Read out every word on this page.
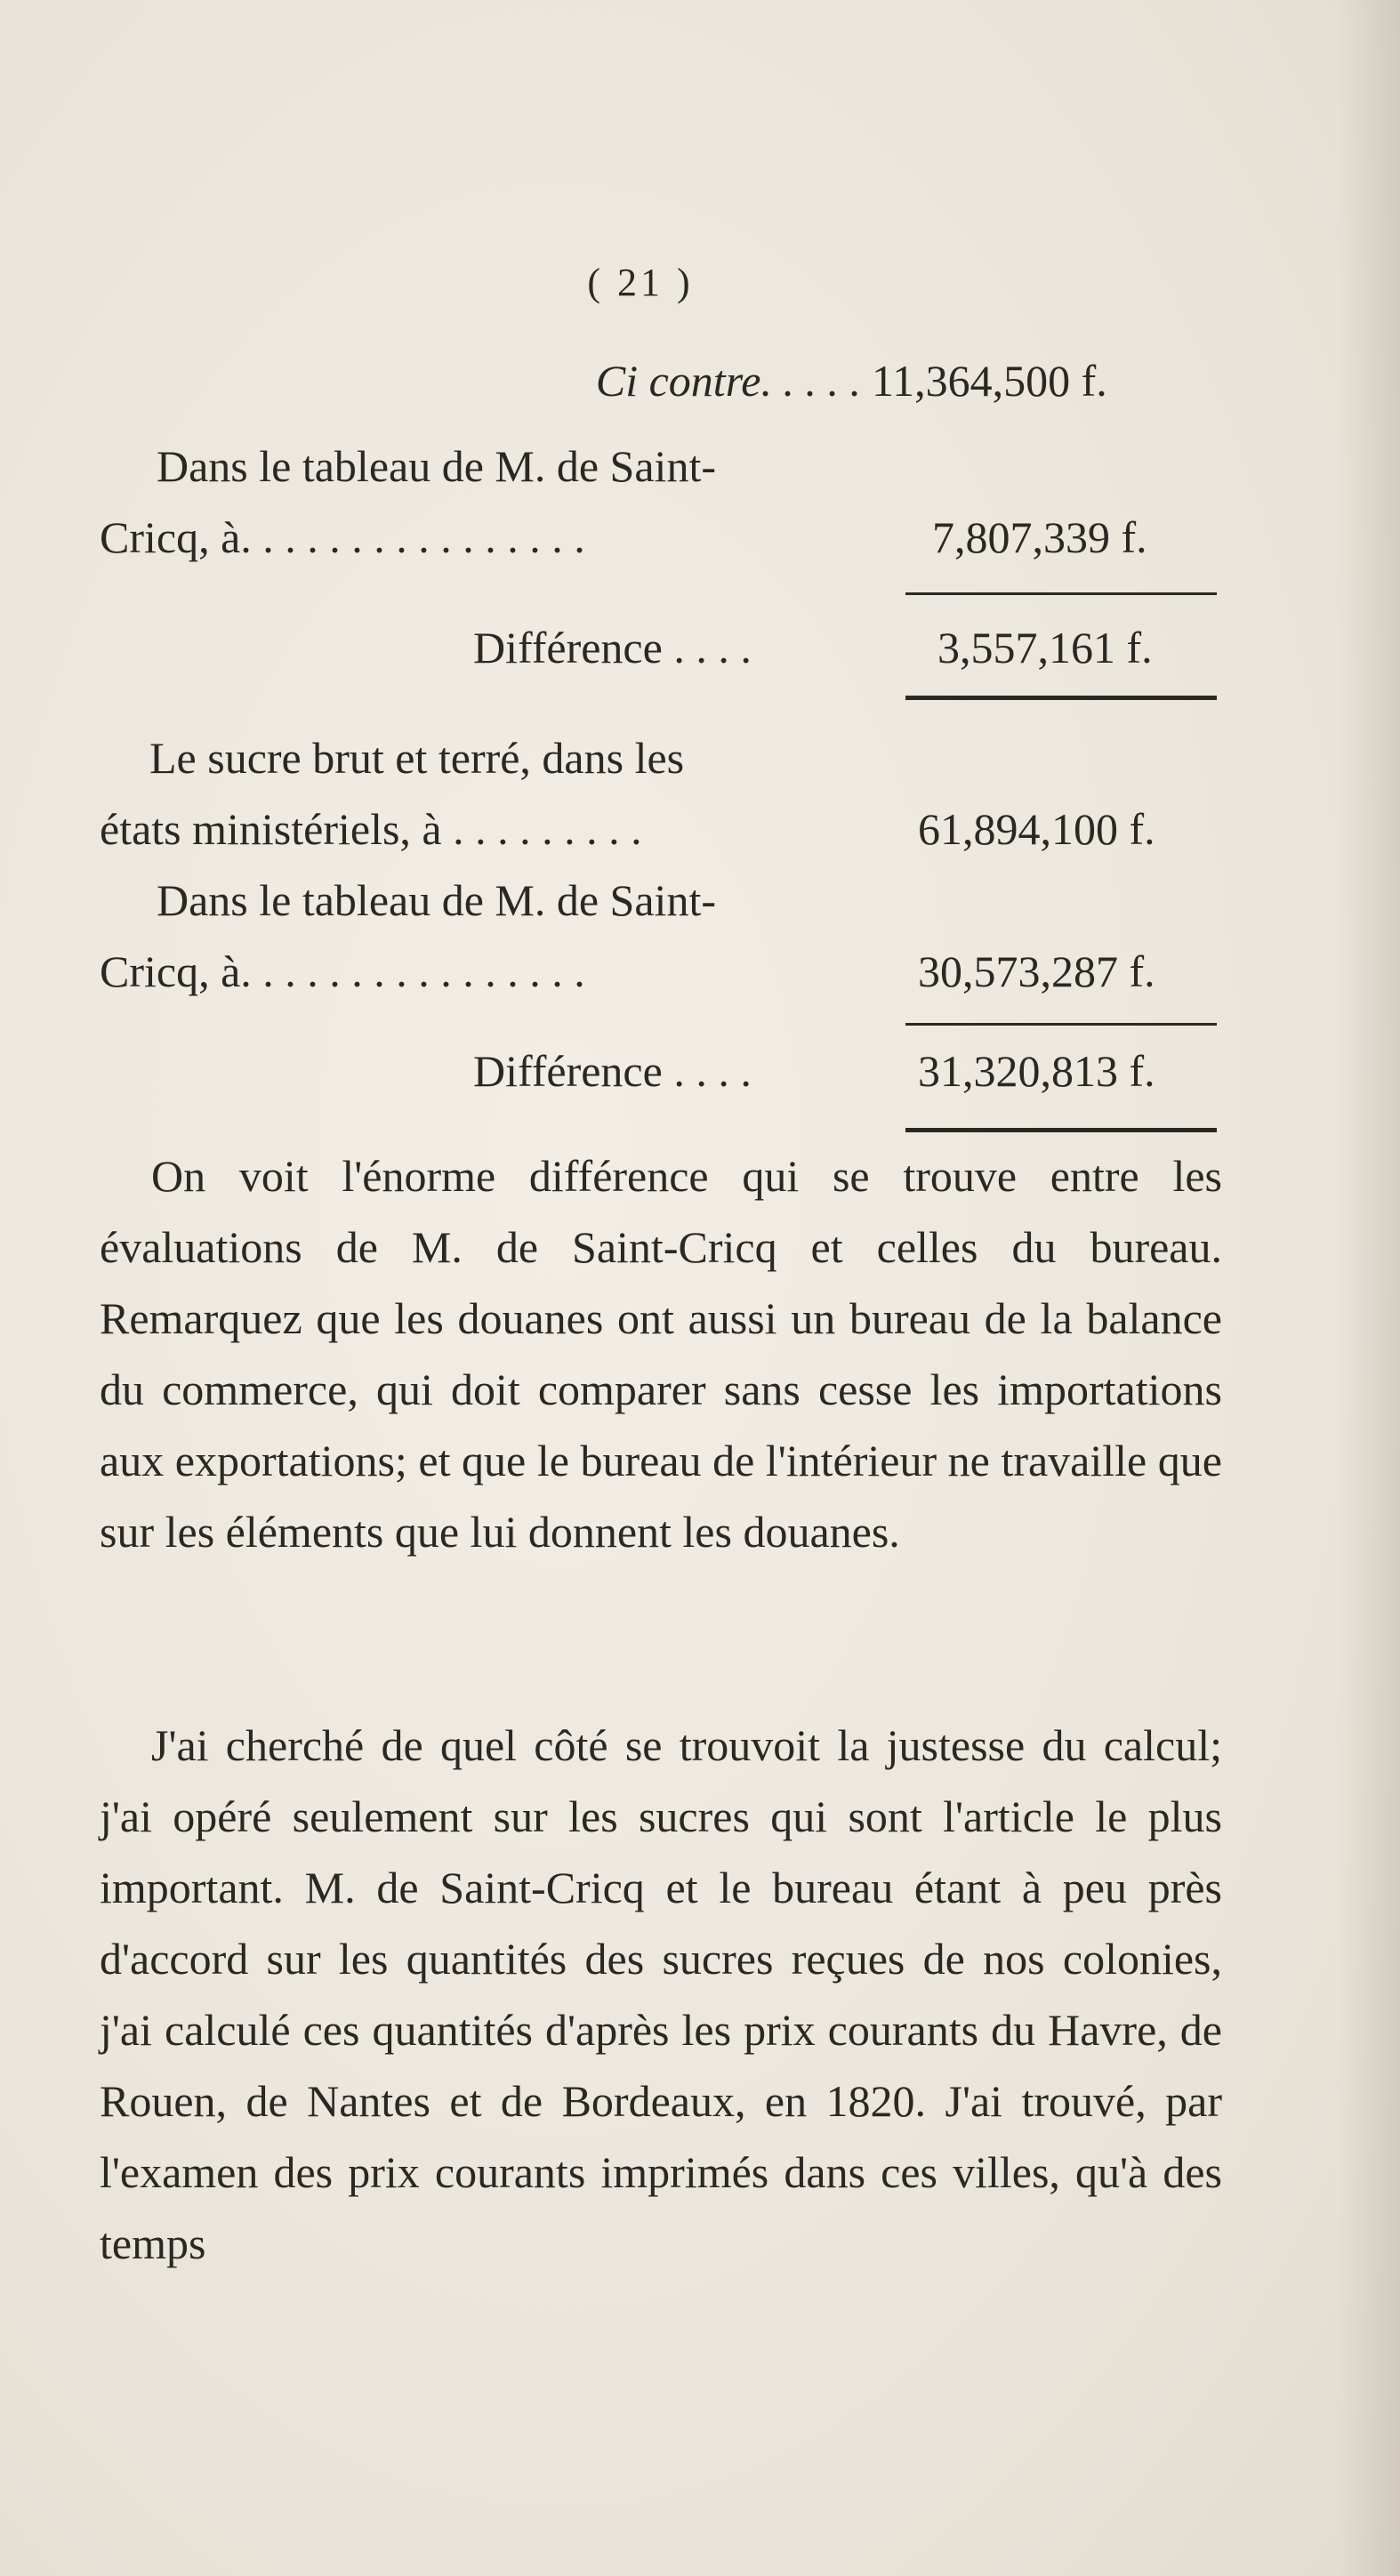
( 21 )
Ci contre. . . . . 11,364,500 f.
Dans le tableau de M. de Saint-
Cricq, à. . . . . . . . . . . . . . . .	7,807,339 f.
Différence . . . .	3,557,161 f.
Le sucre brut et terré, dans les
états ministériels, à . . . . . . . . .	61,894,100 f.
Dans le tableau de M. de Saint-
Cricq, à. . . . . . . . . . . . . . . .	30,573,287 f.
Différence . . . .	31,320,813 f.

On voit l'énorme différence qui se trouve entre les évaluations de M. de Saint-Cricq et celles du bureau. Remarquez que les douanes ont aussi un bureau de la balance du commerce, qui doit comparer sans cesse les importations aux exportations; et que le bureau de l'intérieur ne travaille que sur les éléments que lui donnent les douanes.

J'ai cherché de quel côté se trouvoit la justesse du calcul; j'ai opéré seulement sur les sucres qui sont l'article le plus important. M. de Saint-Cricq et le bureau étant à peu près d'accord sur les quantités des sucres reçues de nos colonies, j'ai calculé ces quantités d'après les prix courants du Havre, de Rouen, de Nantes et de Bordeaux, en 1820. J'ai trouvé, par l'examen des prix courants imprimés dans ces villes, qu'à des temps
